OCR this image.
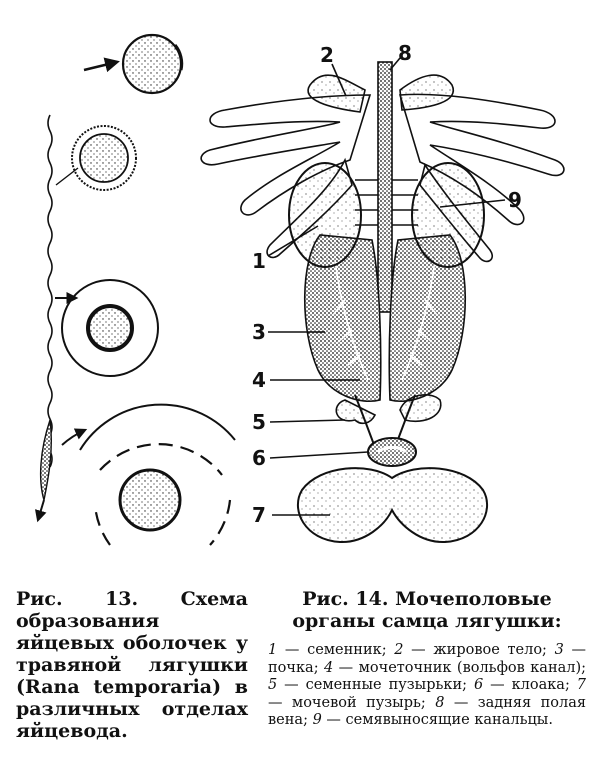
1
2
3
4
5
6
7
8
9
Рис. 13. Схема образования яйцевых оболочек у травяной лягушки (Rana temporaria) в различных отделах яйцевода.
Рис. 14. Мочеполовые органы самца лягушки:
1 — семенник; 2 — жировое тело; 3 — почка; 4 — мочеточник (вольфов канал); 5 — семенные пузырьки; 6 — клоака; 7 — мочевой пузырь; 8 — задняя полая вена; 9 — семявыносящие канальцы.
